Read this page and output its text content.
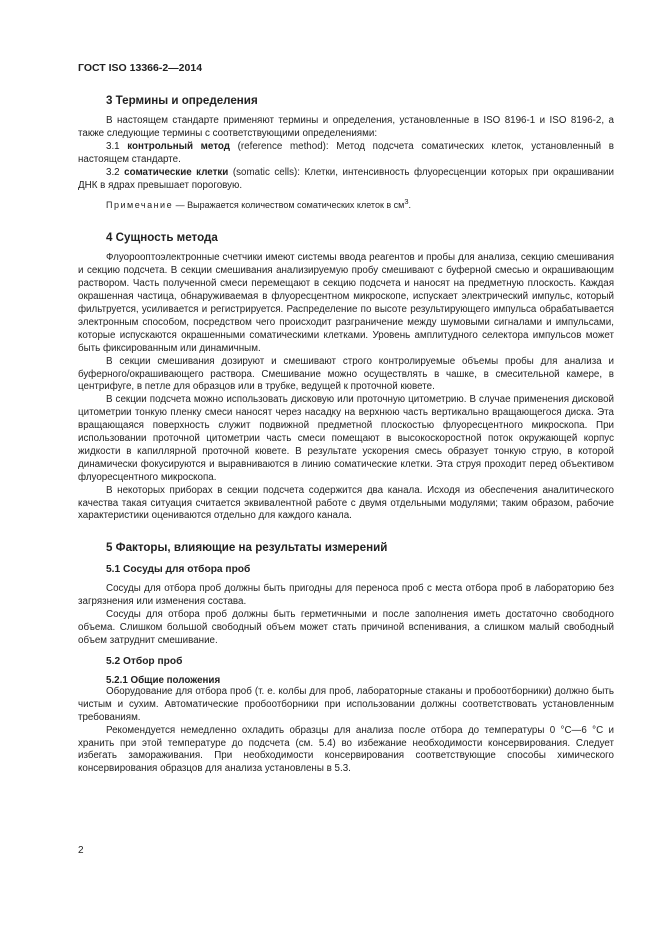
ГОСТ ISO 13366-2—2014
3 Термины и определения

В настоящем стандарте применяют термины и определения, установленные в ISO 8196-1 и ISO 8196-2, а также следующие термины с соответствующими определениями:

3.1 контрольный метод (reference method): Метод подсчета соматических клеток, установленный в настоящем стандарте.

3.2 соматические клетки (somatic cells): Клетки, интенсивность флуоресценции которых при окрашивании ДНК в ядрах превышает пороговую.

Примечание — Выражается количеством соматических клеток в $см^3$.

4 Сущность метода

Флуорооптоэлектронные счетчики имеют системы ввода реагентов и пробы для анализа, секцию смешивания и секцию подсчета. В секции смешивания анализируемую пробу смешивают с буферной смесью и окрашивающим раствором. Часть полученной смеси перемещают в секцию подсчета и наносят на предметную плоскость. Каждая окрашенная частица, обнаруживаемая в флуоресцентном микроскопе, испускает электрический импульс, который фильтруется, усиливается и регистрируется. Распределение по высоте результирующего импульса обрабатывается электронным способом, посредством чего происходит разграничение между шумовыми сигналами и импульсами, которые испускаются окрашенными соматическими клетками. Уровень амплитудного селектора импульсов может быть фиксированным или динамичным.

В секции смешивания дозируют и смешивают строго контролируемые объемы пробы для анализа и буферного/окрашивающего раствора. Смешивание можно осуществлять в чашке, в смесительной камере, в центрифуге, в петле для образцов или в трубке, ведущей к проточной кювете.

В секции подсчета можно использовать дисковую или проточную цитометрию. В случае применения дисковой цитометрии тонкую пленку смеси наносят через насадку на верхнюю часть вертикально вращающегося диска. Эта вращающаяся поверхность служит подвижной предметной плоскостью флуоресцентного микроскопа. При использовании проточной цитометрии часть смеси помещают в высокоскоростной поток окружающей корпус жидкости в капиллярной проточной кювете. В результате ускорения смесь образует тонкую струю, в которой динамически фокусируются и выравниваются в линию соматические клетки. Эта струя проходит перед объективом флуоресцентного микроскопа.

В некоторых приборах в секции подсчета содержится два канала. Исходя из обеспечения аналитического качества такая ситуация считается эквивалентной работе с двумя отдельными модулями; таким образом, рабочие характеристики оцениваются отдельно для каждого канала.

5 Факторы, влияющие на результаты измерений
5.1 Сосуды для отбора проб

Сосуды для отбора проб должны быть пригодны для переноса проб с места отбора проб в лабораторию без загрязнения или изменения состава.

Сосуды для отбора проб должны быть герметичными и после заполнения иметь достаточно свободного объема. Слишком большой свободный объем может стать причиной вспенивания, а слишком малый свободный объем затруднит смешивание.

5.2 Отбор проб
5.2.1 Общие положения

Оборудование для отбора проб (т. е. колбы для проб, лабораторные стаканы и пробоотборники) должно быть чистым и сухим. Автоматические пробоотборники при использовании должны соответствовать установленным требованиям.

Рекомендуется немедленно охладить образцы для анализа после отбора до температуры 0 °С—6 °С и хранить при этой температуре до подсчета (см. 5.4) во избежание необходимости консервирования. Следует избегать замораживания. При необходимости консервирования соответствующие способы химического консервирования образцов для анализа установлены в 5.3.

2
